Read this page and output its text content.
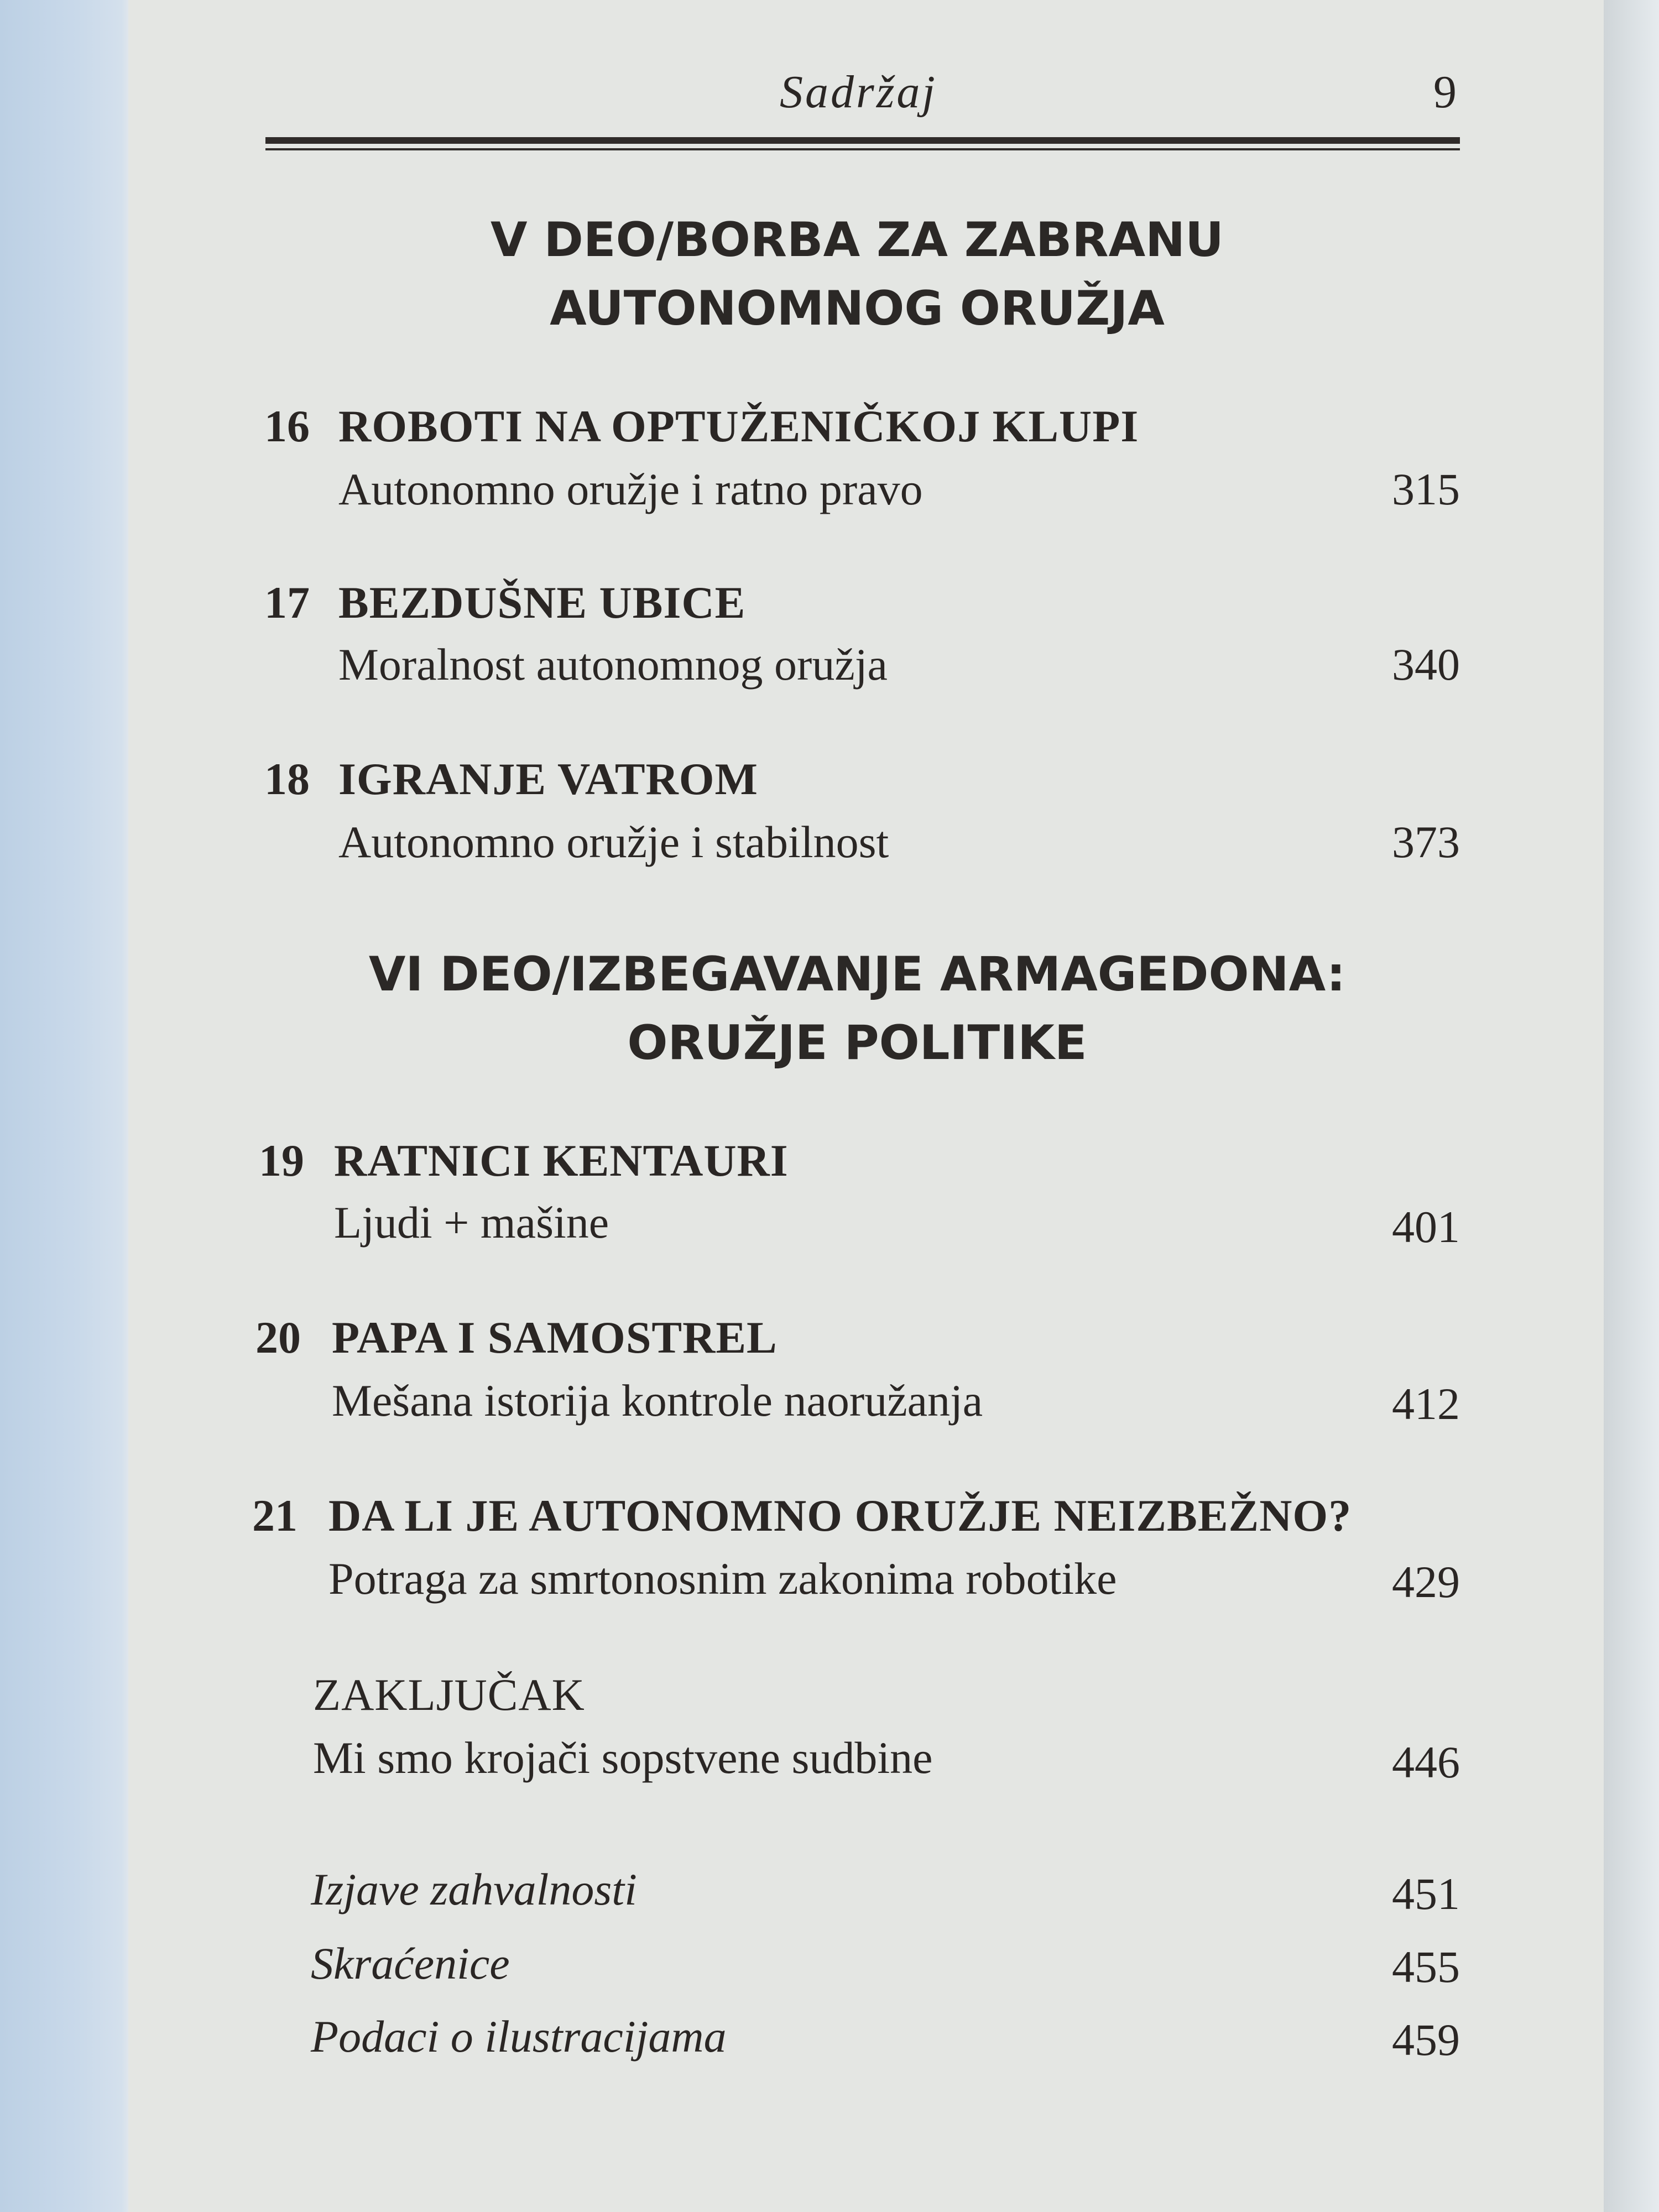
Sadržaj	9
V DEO/BORBA ZA ZABRANU
AUTONOMNOG ORUŽJA
16 ROBOTI NA OPTUŽENIČKOJ KLUPI
Autonomno oružje i ratno pravo	315
17 BEZDUŠNE UBICE
Moralnost autonomnog oružja	340
18 IGRANJE VATROM
Autonomno oružje i stabilnost	373
VI DEO/IZBEGAVANJE ARMAGEDONA:
ORUŽJE POLITIKE
19 RATNICI KENTAURI
Ljudi + mašine	401
20 PAPA I SAMOSTREL
Mešana istorija kontrole naoružanja	412
21 DA LI JE AUTONOMNO ORUŽJE NEIZBEŽNO?
Potraga za smrtonosnim zakonima robotike	429
ZAKLJUČAK
Mi smo krojači sopstvene sudbine	446
Izjave zahvalnosti	451
Skraćenice	455
Podaci o ilustracijama	459
